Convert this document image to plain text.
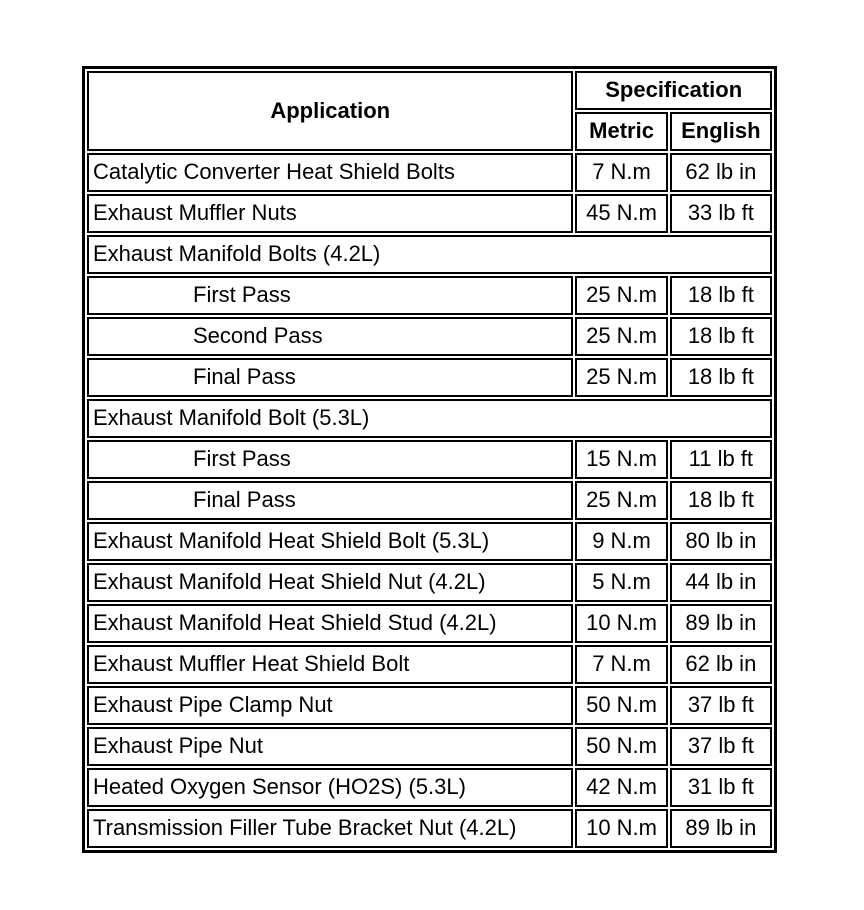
Application	Specification	
	Metric	English
Catalytic Converter Heat Shield Bolts	7 N.m	62 lb in
Exhaust Muffler Nuts	45 N.m	33 lb ft
Exhaust Manifold Bolts (4.2L)		
First Pass	25 N.m	18 lb ft
Second Pass	25 N.m	18 lb ft
Final Pass	25 N.m	18 lb ft
Exhaust Manifold Bolt (5.3L)		
First Pass	15 N.m	11 lb ft
Final Pass	25 N.m	18 lb ft
Exhaust Manifold Heat Shield Bolt (5.3L)	9 N.m	80 lb in
Exhaust Manifold Heat Shield Nut (4.2L)	5 N.m	44 lb in
Exhaust Manifold Heat Shield Stud (4.2L)	10 N.m	89 lb in
Exhaust Muffler Heat Shield Bolt	7 N.m	62 lb in
Exhaust Pipe Clamp Nut	50 N.m	37 lb ft
Exhaust Pipe Nut	50 N.m	37 lb ft
Heated Oxygen Sensor (HO2S) (5.3L)	42 N.m	31 lb ft
Transmission Filler Tube Bracket Nut (4.2L)	10 N.m	89 lb in
